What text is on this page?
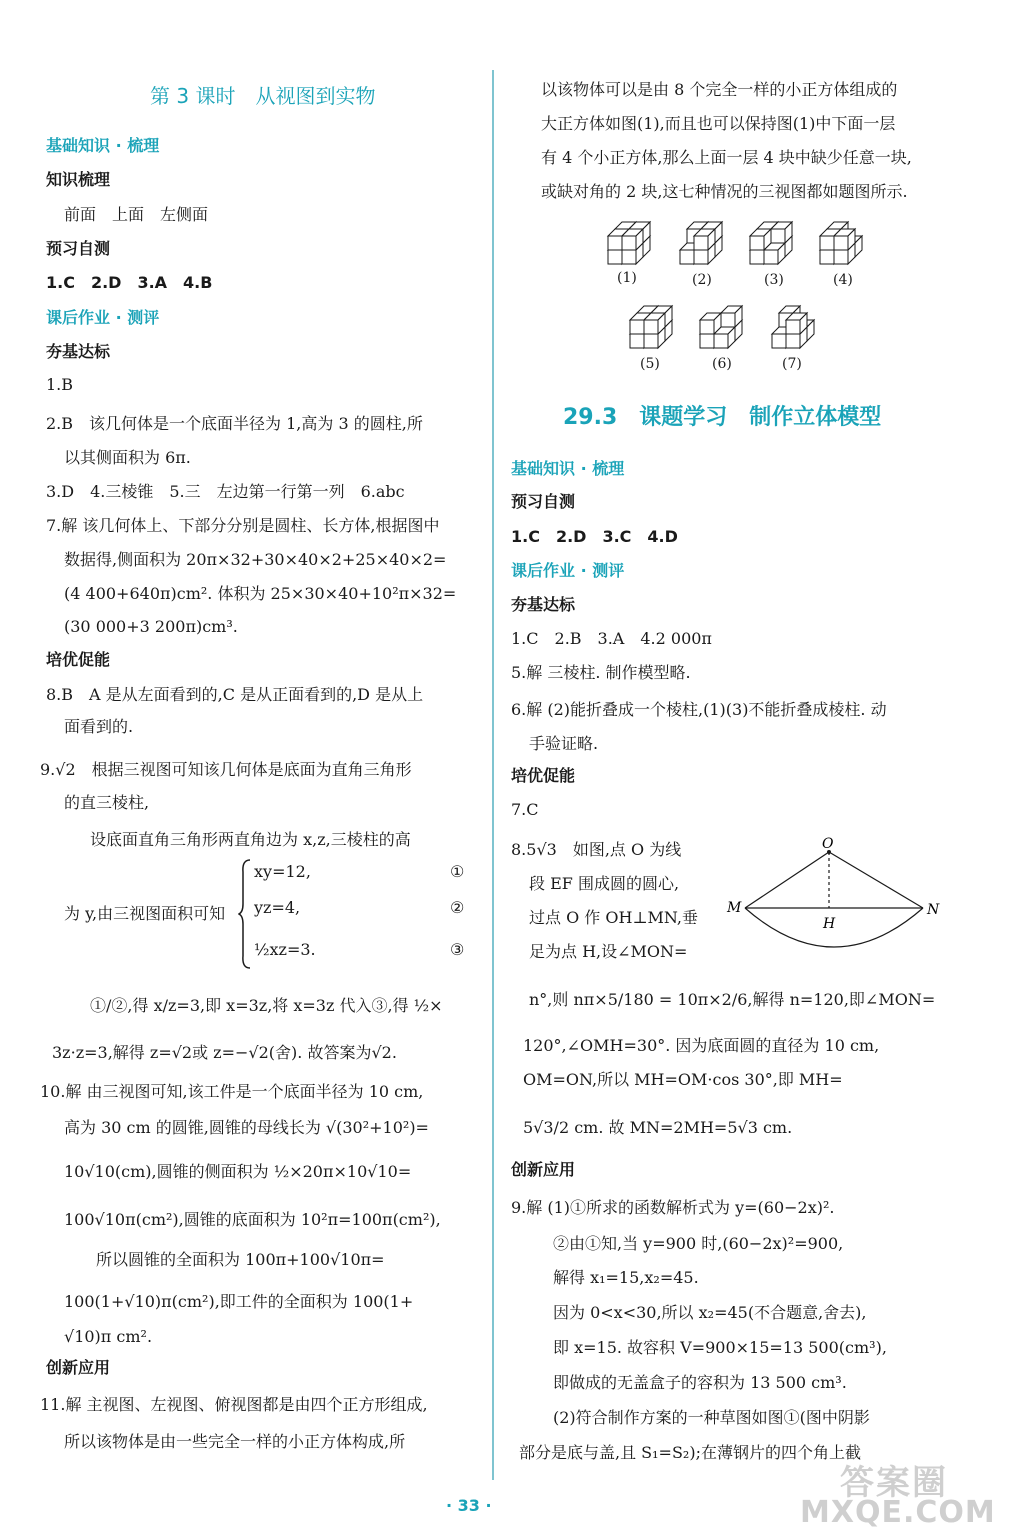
第 3 课时　从视图到实物
基础知识 · 梳理
知识梳理
前面　上面　左侧面
预习自测
1.C　2.D　3.A　4.B
课后作业 · 测评
夯基达标
1.B
2.B　该几何体是一个底面半径为 1,高为 3 的圆柱,所
以其侧面积为 6π.
3.D　4.三棱锥　5.三　左边第一行第一列　6.abc
7.解 该几何体上、下部分分别是圆柱、长方体,根据图中
数据得,侧面积为 20π×32+30×40×2+25×40×2=
(4 400+640π)cm². 体积为 25×30×40+10²π×32=
(30 000+3 200π)cm³.
培优促能
8.B　A 是从左面看到的,C 是从正面看到的,D 是从上
面看到的.
9.√2　根据三视图可知该几何体是底面为直角三角形
的直三棱柱,
设底面直角三角形两直角边为 x,z,三棱柱的高
为 y,由三视图面积可知
xy=12,
yz=4,
½xz=3.
①
②
③
①/②,得 x/z=3,即 x=3z,将 x=3z 代入③,得 ½×
3z·z=3,解得 z=√2或 z=−√2(舍). 故答案为√2.
10.解 由三视图可知,该工件是一个底面半径为 10 cm,
高为 30 cm 的圆锥,圆锥的母线长为 √(30²+10²)=
10√10(cm),圆锥的侧面积为 ½×20π×10√10=
100√10π(cm²),圆锥的底面积为 10²π=100π(cm²),
所以圆锥的全面积为 100π+100√10π=
100(1+√10)π(cm²),即工件的全面积为 100(1+
√10)π cm².
创新应用
11.解 主视图、左视图、俯视图都是由四个正方形组成,
所以该物体是由一些完全一样的小正方体构成,所
以该物体可以是由 8 个完全一样的小正方体组成的
大正方体如图(1),而且也可以保持图(1)中下面一层
有 4 个小正方体,那么上面一层 4 块中缺少任意一块,
或缺对角的 2 块,这七种情况的三视图都如题图所示.
(1)	(2)	(3)	(4)
(5)	(6)	(7)
29.3　课题学习　制作立体模型
基础知识 · 梳理
预习自测
1.C　2.D　3.C　4.D
课后作业 · 测评
夯基达标
1.C　2.B　3.A　4.2 000π
5.解 三棱柱. 制作模型略.
6.解 (2)能折叠成一个棱柱,(1)(3)不能折叠成棱柱. 动
手验证略.
培优促能
7.C
8.5√3　如图,点 O 为线
段 EF 围成圆的圆心,
过点 O 作 OH⊥MN,垂
足为点 H,设∠MON=
O
M	N
H
n°,则 nπ×5/180 = 10π×2/6,解得 n=120,即∠MON=
120°,∠OMH=30°. 因为底面圆的直径为 10 cm,
OM=ON,所以 MH=OM·cos 30°,即 MH=
5√3/2 cm. 故 MN=2MH=5√3 cm.
创新应用
9.解 (1)①所求的函数解析式为 y=(60−2x)².
②由①知,当 y=900 时,(60−2x)²=900,
解得 x₁=15,x₂=45.
因为 0<x<30,所以 x₂=45(不合题意,舍去),
即 x=15. 故容积 V=900×15=13 500(cm³),
即做成的无盖盒子的容积为 13 500 cm³.
(2)符合制作方案的一种草图如图①(图中阴影
部分是底与盖,且 S₁=S₂);在薄钢片的四个角上截
· 33 ·
答案圈
MXQE.COM
